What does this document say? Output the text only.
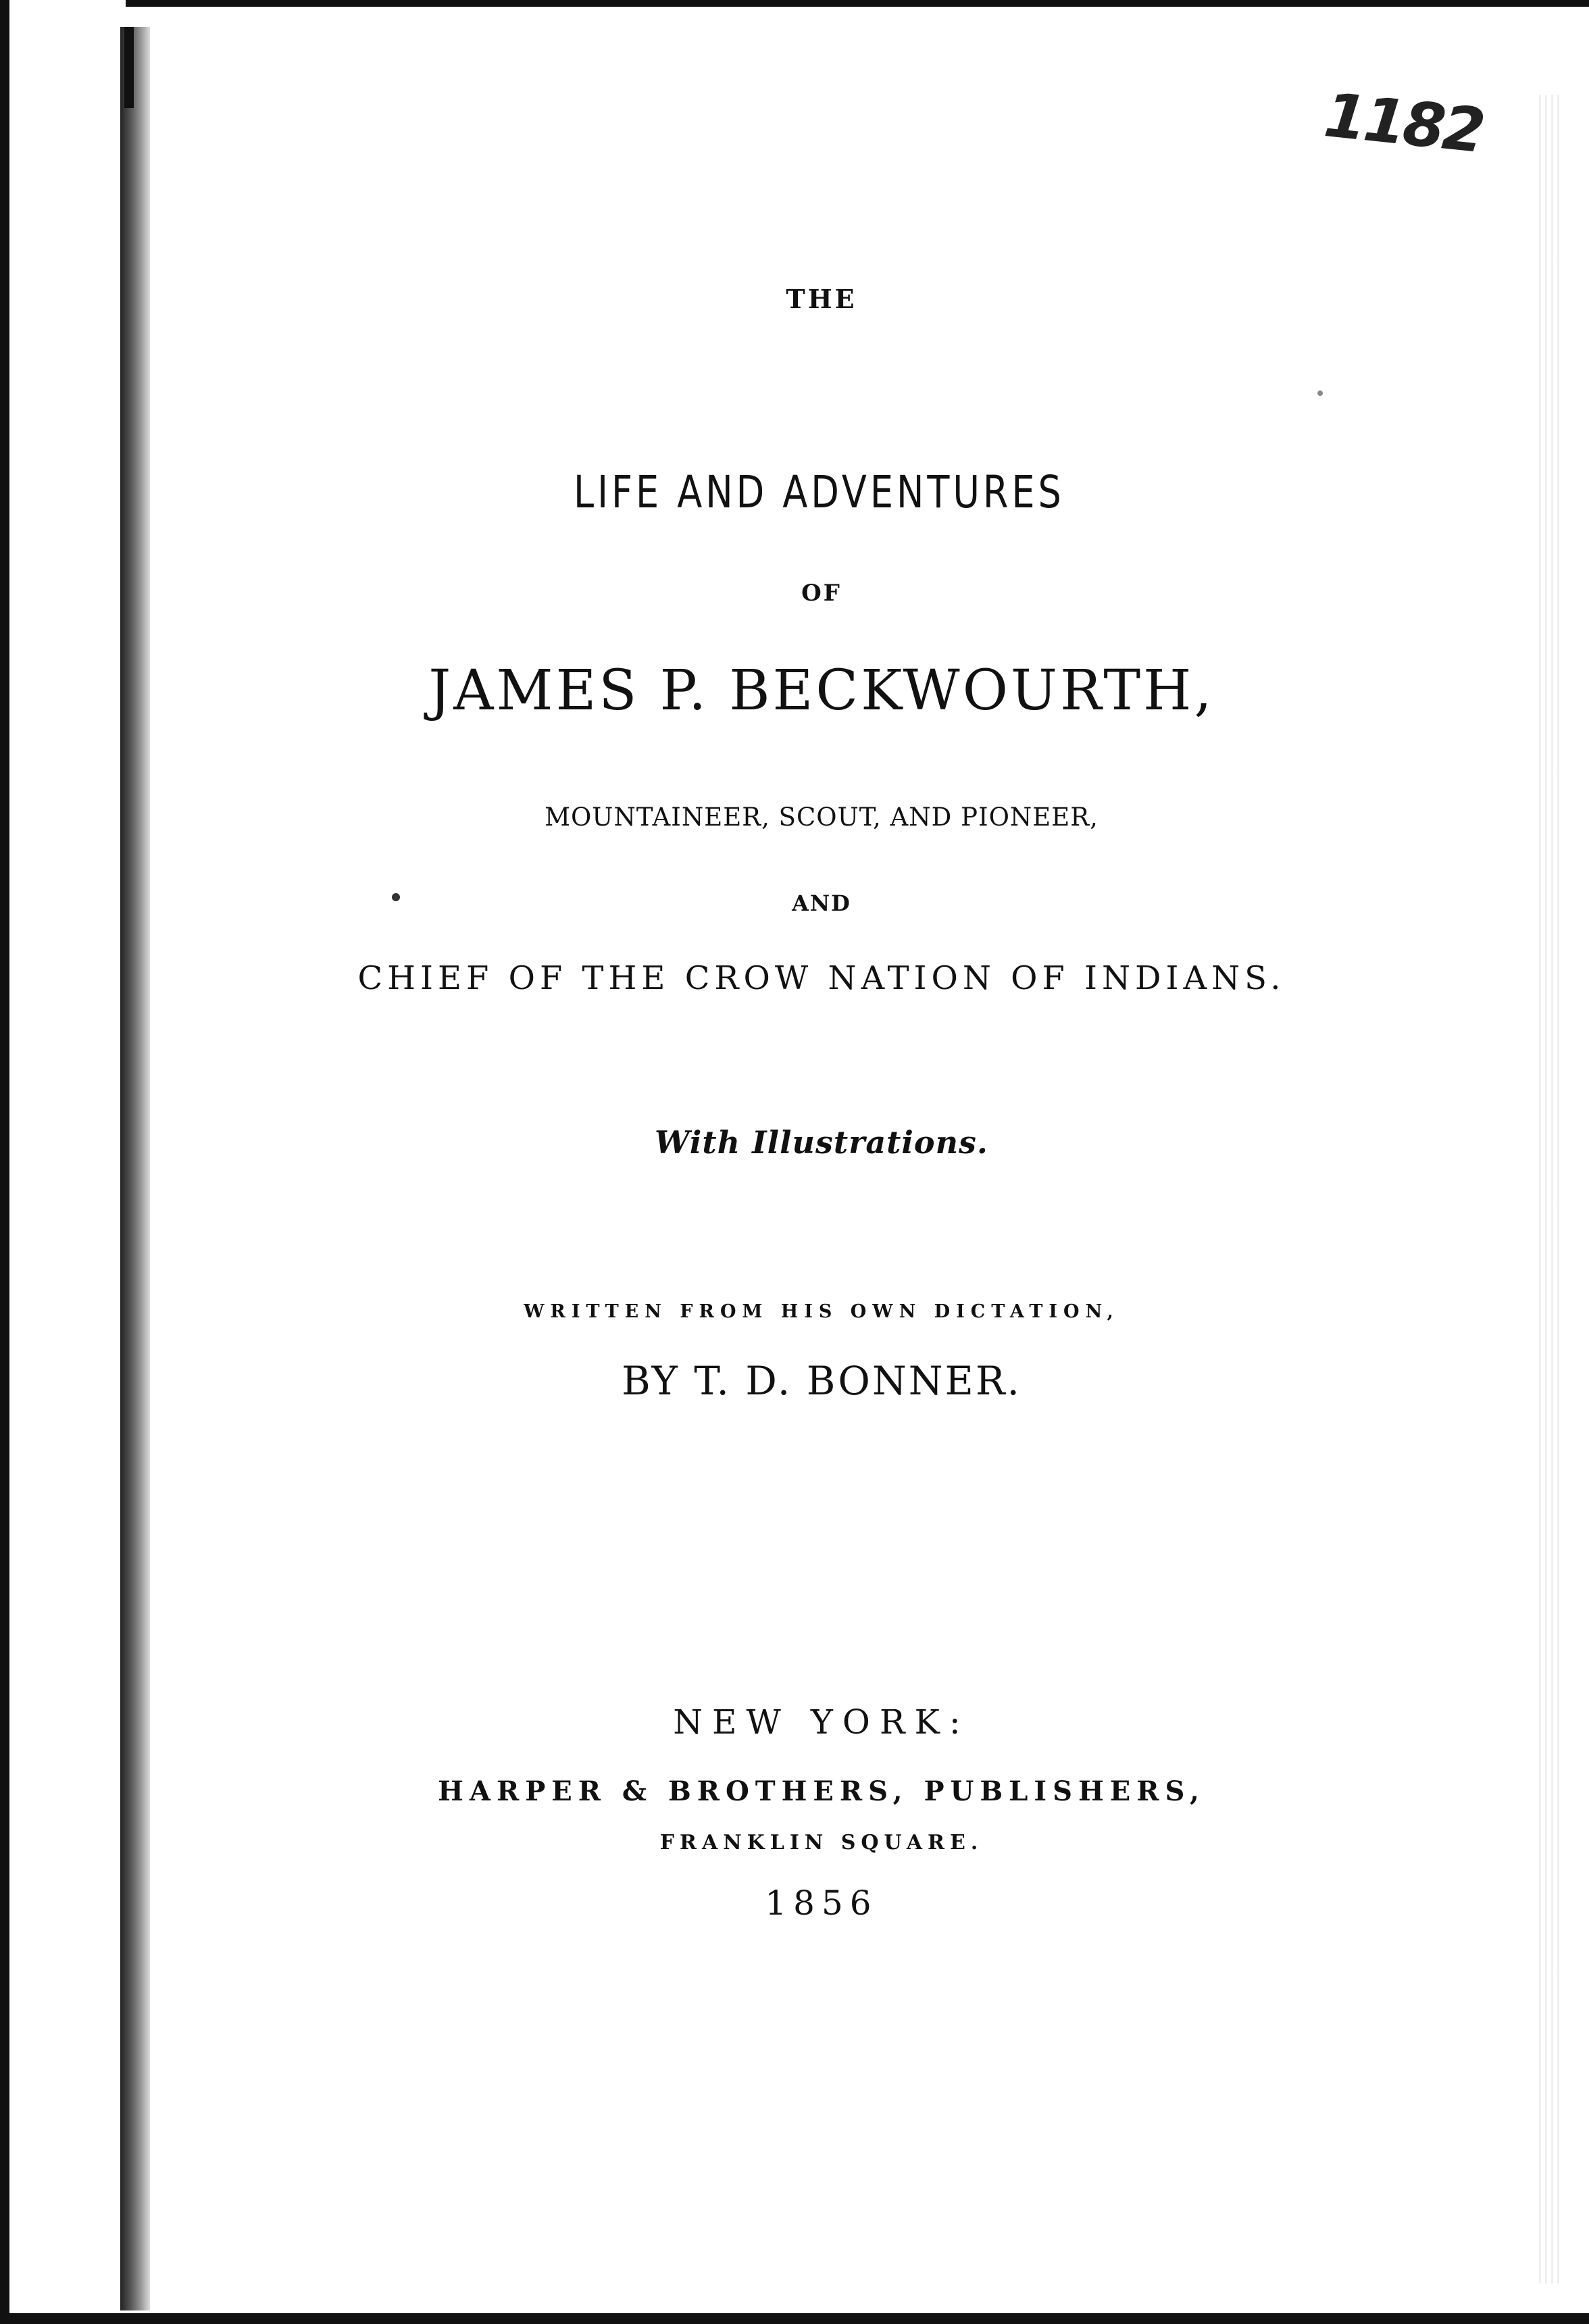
1182
THE
LIFE AND ADVENTURES
OF
JAMES P. BECKWOURTH,
MOUNTAINEER, SCOUT, AND PIONEER,
AND
CHIEF OF THE CROW NATION OF INDIANS.
With Illustrations.
WRITTEN FROM HIS OWN DICTATION,
BY T. D. BONNER.
NEW YORK:
HARPER & BROTHERS, PUBLISHERS,
FRANKLIN SQUARE.
1856
